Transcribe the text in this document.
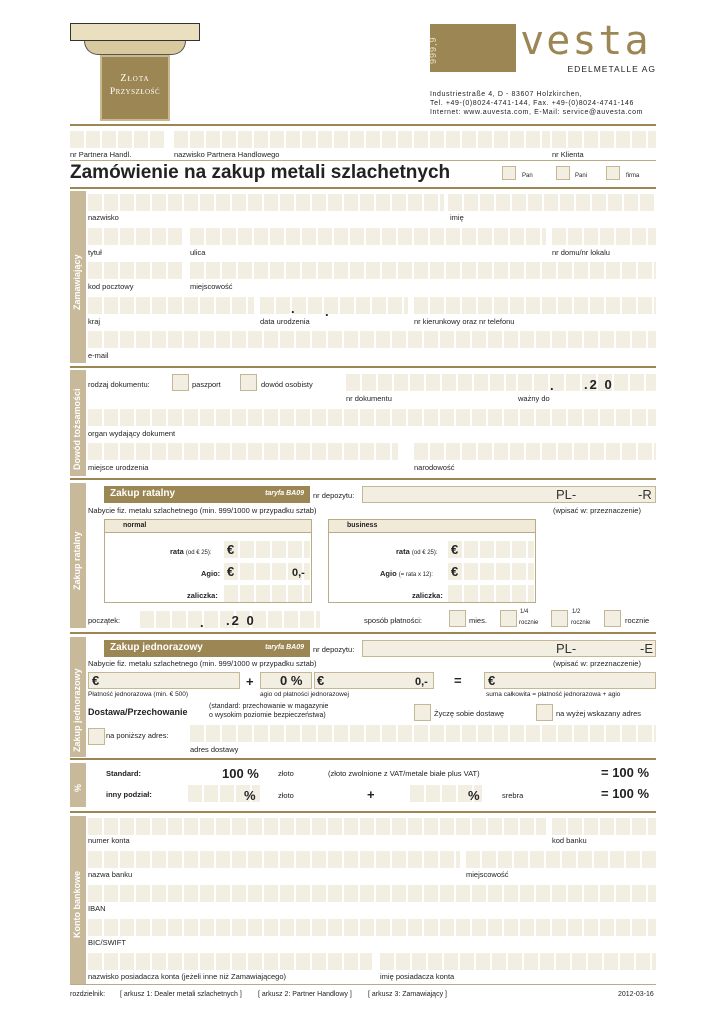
Złota
Przyszłość
999,9 auvesta
EDELMETALLE AG
Industriestraße 4, D - 83607 Holzkirchen,
Tel. +49-(0)8024-4741-144, Fax. +49-(0)8024-4741-146
Internet: www.auvesta.com, E-Mail: service@auvesta.com
nr Partnera Handl.	nazwisko Partnera Handlowego	nr Klienta
Zamówienie na zakup metali szlachetnych	Pan	Pani	firma
Zamawiający
nazwisko	imię
tytuł	ulica	nr domu/nr lokalu
kod pocztowy	miejscowość
. .
kraj	data urodzenia	nr kierunkowy oraz nr telefonu
e-mail
Dowód tożsamości
rodzaj dokumentu:	paszport	dowód osobisty	. .2 0
nr dokumentu	ważny do
organ wydający dokument
miejsce urodzenia	narodowość
Zakup ratalny
Zakup ratalny	taryfa BA09 nr depozytu:	PL-	-R
Nabycie fiz. metalu szlachetnego (min. 999/1000 w przypadku sztab)	(wpisać w: przeznaczenie)
normal
rata (od € 25): €
Agio: €	0,-
zaliczka:
business
rata (od € 25): €
Agio (= rata x 12): €
zaliczka:
początek:	. .2 0	sposób płatności:	mies.
1/4
rocznie
1/2
rocznie	rocznie
Zakup jednorazowy
Zakup jednorazowy	taryfa BA09 nr depozytu:	PL-	-E
Nabycie fiz. metalu szlachetnego (min. 999/1000 w przypadku sztab)	(wpisać w: przeznaczenie)
€	+ 0 % €	0,- = €
Płatność jednorazowa (min. € 500)	agio od płatności jednorazowej	suma całkowita = płatność jednorazowa + agio
Dostawa/Przechowanie
(standard: przechowanie w magazynie
o wysokim poziomie bezpieczeństwa)	Życzę sobie dostawę	na wyżej wskazany adres
na poniższy adres:
adres dostawy
%
Standard:	100 %	złoto	(złoto zwolnione z VAT/metale białe plus VAT)	= 100 %
inny podział:	%	złoto	+	%	srebra	= 100 %
Konto bankowe
numer konta	kod banku
nazwa banku	miejscowość
IBAN
BIC/SWIFT
nazwisko posiadacza konta (jeżeli inne niż Zamawiającego)	imię posiadacza konta
rozdzielnik: [ arkusz 1: Dealer metali szlachetnych ] [ arkusz 2: Partner Handlowy ] [ arkusz 3: Zamawiający ]	2012-03-16
